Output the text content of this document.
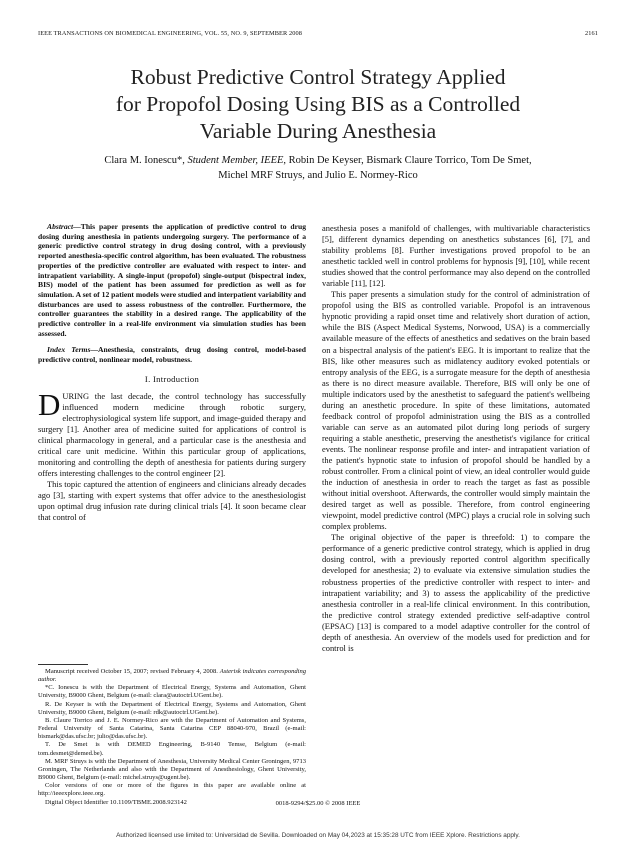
IEEE TRANSACTIONS ON BIOMEDICAL ENGINEERING, VOL. 55, NO. 9, SEPTEMBER 2008	2161
Robust Predictive Control Strategy Applied
for Propofol Dosing Using BIS as a Controlled
Variable During Anesthesia
Clara M. Ionescu*, Student Member, IEEE, Robin De Keyser, Bismark Claure Torrico, Tom De Smet,
Michel MRF Struys, and Julio E. Normey-Rico
Abstract—This paper presents the application of predictive control to drug dosing during anesthesia in patients undergoing surgery. The performance of a generic predictive control strategy in drug dosing control, with a previously reported anesthesia-specific control algorithm, has been evaluated. The robustness properties of the predictive controller are evaluated with respect to inter- and intrapatient variability. A single-input (propofol) single-output (bispectral index, BIS) model of the patient has been assumed for prediction as well as for simulation. A set of 12 patient models were studied and interpatient variability and disturbances are used to assess robustness of the controller. Furthermore, the controller guarantees the stability in a desired range. The applicability of the predictive controller in a real-life environment via simulation studies has been assessed.
Index Terms—Anesthesia, constraints, drug dosing control, model-based predictive control, nonlinear model, robustness.
I. Introduction

DURING the last decade, the control technology has successfully influenced modern medicine through robotic surgery, electrophysiological system life support, and image-guided therapy and surgery [1]. Another area of medicine suited for applications of control is clinical pharmacology in general, and a particular case is the anesthesia and critical care unit medicine. Within this particular group of applications, monitoring and controlling the depth of anesthesia for patients during surgery offers interesting challenges to the control engineer [2].

This topic captured the attention of engineers and clinicians already decades ago [3], starting with expert systems that offer advice to the anesthesiologist upon optimal drug infusion rate during clinical trials [4]. It soon became clear that control of

Manuscript received October 15, 2007; revised February 4, 2008. Asterisk indicates corresponding author.
*C. Ionescu is with the Department of Electrical Energy, Systems and Automation, Ghent University, B9000 Ghent, Belgium (e-mail: clara@autoctrl.UGent.be).
R. De Keyser is with the Department of Electrical Energy, Systems and Automation, Ghent University, B9000 Ghent, Belgium (e-mail: rdk@autoctrl.UGent.be).
B. Claure Torrico and J. E. Normey-Rico are with the Department of Automation and Systems, Federal University of Santa Catarina, Santa Catarina CEP 88040-970, Brazil (e-mail: bismark@das.ufsc.br; julio@das.ufsc.br).
T. De Smet is with DEMED Engineering, B-9140 Temse, Belgium (e-mail: tom.desmet@demed.be).
M. MRF Struys is with the Department of Anesthesia, University Medical Center Groningen, 9713 Groningen, The Netherlands and also with the Department of Anesthesiology, Ghent University, B9000 Ghent, Belgium (e-mail: michel.struys@ugent.be).
Color versions of one or more of the figures in this paper are available online at http://ieeexplore.ieee.org.
Digital Object Identifier 10.1109/TBME.2008.923142

anesthesia poses a manifold of challenges, with multivariable characteristics [5], different dynamics depending on anesthetics substances [6], [7], and stability problems [8]. Further investigations proved propofol to be an anesthetic tackled well in control problems for hypnosis [9], [10], while recent studies showed that the control performance may also depend on the controlled variable [11], [12].

This paper presents a simulation study for the control of administration of propofol using the BIS as controlled variable. Propofol is an intravenous hypnotic providing a rapid onset time and relatively short duration of action, while the BIS (Aspect Medical Systems, Norwood, USA) is a commercially available measure of the effects of anesthetics and sedatives on the brain based on a bispectral analysis of the patient's EEG. It is important to realize that the BIS, like other measures such as midlatency auditory evoked potentials or entropy analysis of the EEG, is a surrogate measure for the depth of anesthesia as there is no direct measure available. Therefore, BIS will only be one of multiple indicators used by the anesthetist to safeguard the patient's wellbeing during an anesthetic procedure. In spite of these limitations, automated feedback control of propofol administration using the BIS as a controlled variable can serve as an automated pilot during long periods of surgery requiring a stable anesthetic, preserving the anesthetist's vigilance for critical events. The nonlinear response profile and inter- and intrapatient variation of the patient's hypnotic state to infusion of propofol should be handled by a robust controller. From a clinical point of view, an ideal controller would guide the induction of anesthesia in order to reach the target as fast as possible without initial overshoot. Afterwards, the controller would simply maintain the desired target as well as possible. Therefore, from control engineering viewpoint, model predictive control (MPC) plays a crucial role in solving such complex problems.

The original objective of the paper is threefold: 1) to compare the performance of a generic predictive control strategy, which is applied in drug dosing control, with a previously reported control algorithm specifically developed for anesthesia; 2) to evaluate via extensive simulation studies the robustness properties of the predictive controller with respect to inter- and intrapatient variability; and 3) to assess the applicability of the predictive anesthesia controller in a real-life clinical environment. In this contribution, the predictive control strategy extended predictive self-adaptive control (EPSAC) [13] is compared to a model adaptive controller for the control of depth of anesthesia. An overview of the models used for prediction and for control is

0018-9294/$25.00 © 2008 IEEE
Authorized licensed use limited to: Universidad de Sevilla. Downloaded on May 04,2023 at 15:35:28 UTC from IEEE Xplore. Restrictions apply.
